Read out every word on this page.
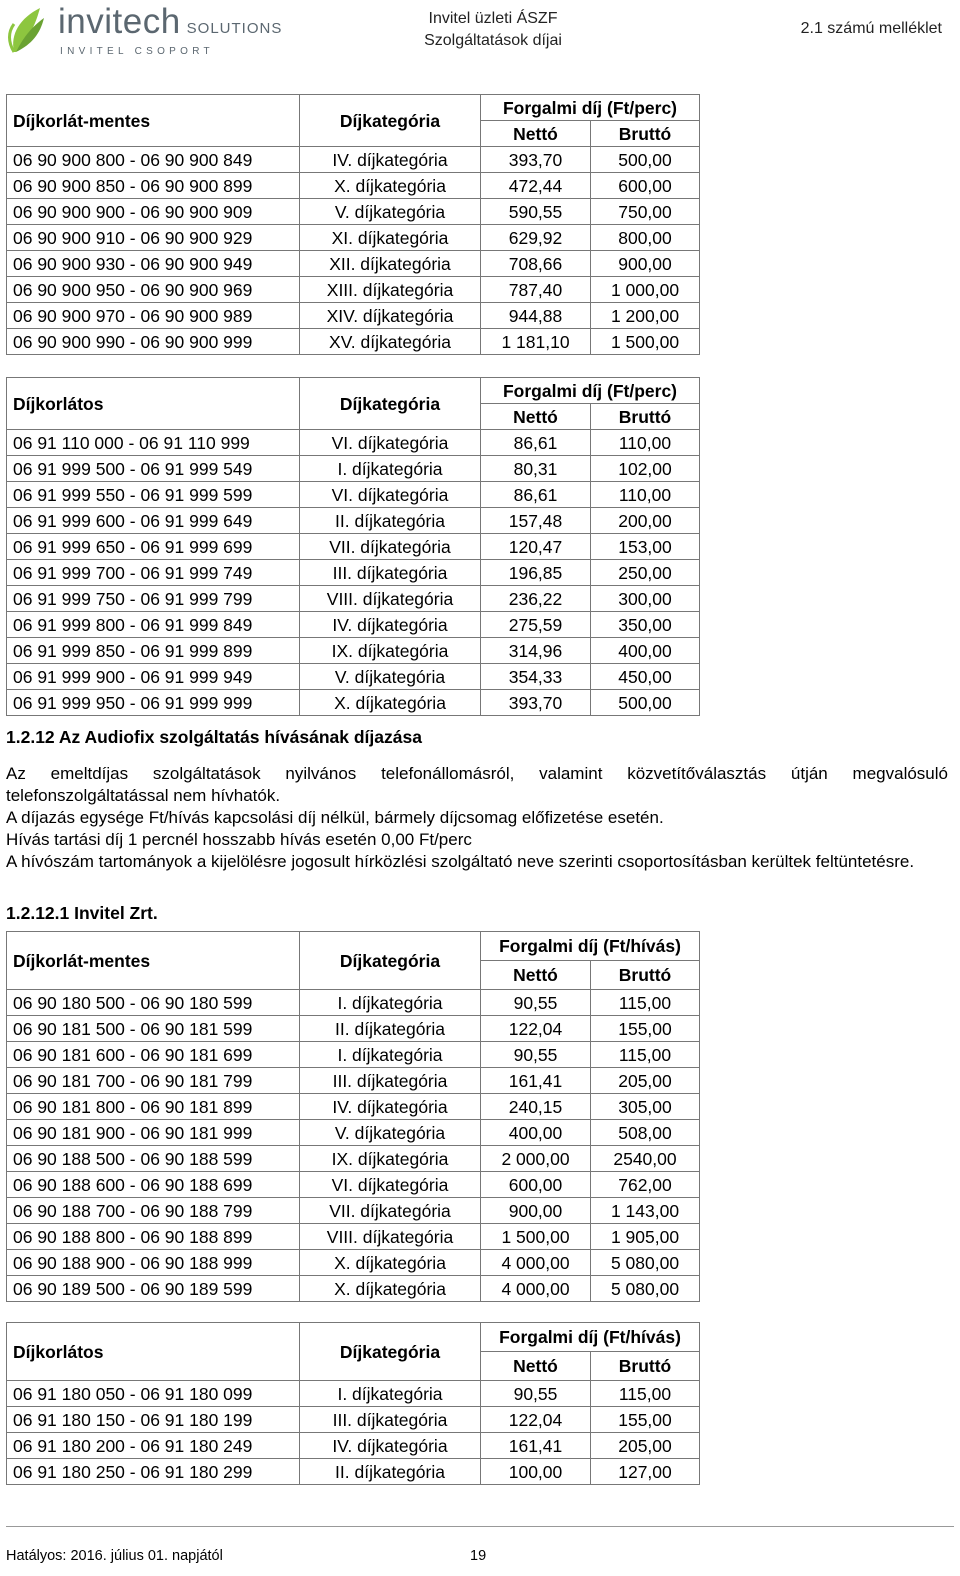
invitech SOLUTIONS
INVITEL CSOPORT
Invitel üzleti ÁSZF
Szolgáltatások díjai
2.1 számú melléklet
Díjkorlát-mentes	Díjkategória	Forgalmi díj (Ft/perc)	
		Nettó	Bruttó
06 90 900 800 - 06 90 900 849	IV. díjkategória	393,70	500,00
06 90 900 850 - 06 90 900 899	X. díjkategória	472,44	600,00
06 90 900 900 - 06 90 900 909	V. díjkategória	590,55	750,00
06 90 900 910 - 06 90 900 929	XI. díjkategória	629,92	800,00
06 90 900 930 - 06 90 900 949	XII. díjkategória	708,66	900,00
06 90 900 950 - 06 90 900 969	XIII. díjkategória	787,40	1 000,00
06 90 900 970 - 06 90 900 989	XIV. díjkategória	944,88	1 200,00
06 90 900 990 - 06 90 900 999	XV. díjkategória	1 181,10	1 500,00
Díjkorlátos	Díjkategória	Forgalmi díj (Ft/perc)	
		Nettó	Bruttó
06 91 110 000 - 06 91 110 999	VI. díjkategória	86,61	110,00
06 91 999 500 - 06 91 999 549	I. díjkategória	80,31	102,00
06 91 999 550 - 06 91 999 599	VI. díjkategória	86,61	110,00
06 91 999 600 - 06 91 999 649	II. díjkategória	157,48	200,00
06 91 999 650 - 06 91 999 699	VII. díjkategória	120,47	153,00
06 91 999 700 - 06 91 999 749	III. díjkategória	196,85	250,00
06 91 999 750 - 06 91 999 799	VIII. díjkategória	236,22	300,00
06 91 999 800 - 06 91 999 849	IV. díjkategória	275,59	350,00
06 91 999 850 - 06 91 999 899	IX. díjkategória	314,96	400,00
06 91 999 900 - 06 91 999 949	V. díjkategória	354,33	450,00
06 91 999 950 - 06 91 999 999	X. díjkategória	393,70	500,00
1.2.12 Az Audiofix szolgáltatás hívásának díjazása

Az emeltdíjas szolgáltatások nyilvános telefonállomásról, valamint közvetítőválasztás útján megvalósuló telefonszolgáltatással nem hívhatók.

A díjazás egysége Ft/hívás kapcsolási díj nélkül, bármely díjcsomag előfizetése esetén.

Hívás tartási díj 1 percnél hosszabb hívás esetén 0,00 Ft/perc

A hívószám tartományok a kijelölésre jogosult hírközlési szolgáltató neve szerinti csoportosításban kerültek feltüntetésre.

1.2.12.1 Invitel Zrt.
Díjkorlát-mentes	Díjkategória	Forgalmi díj (Ft/hívás)	
		Nettó	Bruttó
06 90 180 500 - 06 90 180 599	I. díjkategória	90,55	115,00
06 90 181 500 - 06 90 181 599	II. díjkategória	122,04	155,00
06 90 181 600 - 06 90 181 699	I. díjkategória	90,55	115,00
06 90 181 700 - 06 90 181 799	III. díjkategória	161,41	205,00
06 90 181 800 - 06 90 181 899	IV. díjkategória	240,15	305,00
06 90 181 900 - 06 90 181 999	V. díjkategória	400,00	508,00
06 90 188 500 - 06 90 188 599	IX. díjkategória	2 000,00	2540,00
06 90 188 600 - 06 90 188 699	VI. díjkategória	600,00	762,00
06 90 188 700 - 06 90 188 799	VII. díjkategória	900,00	1 143,00
06 90 188 800 - 06 90 188 899	VIII. díjkategória	1 500,00	1 905,00
06 90 188 900 - 06 90 188 999	X. díjkategória	4 000,00	5 080,00
06 90 189 500 - 06 90 189 599	X. díjkategória	4 000,00	5 080,00
Díjkorlátos	Díjkategória	Forgalmi díj (Ft/hívás)	
		Nettó	Bruttó
06 91 180 050 - 06 91 180 099	I. díjkategória	90,55	115,00
06 91 180 150 - 06 91 180 199	III. díjkategória	122,04	155,00
06 91 180 200 - 06 91 180 249	IV. díjkategória	161,41	205,00
06 91 180 250 - 06 91 180 299	II. díjkategória	100,00	127,00
Hatályos: 2016. július 01. napjától	19
